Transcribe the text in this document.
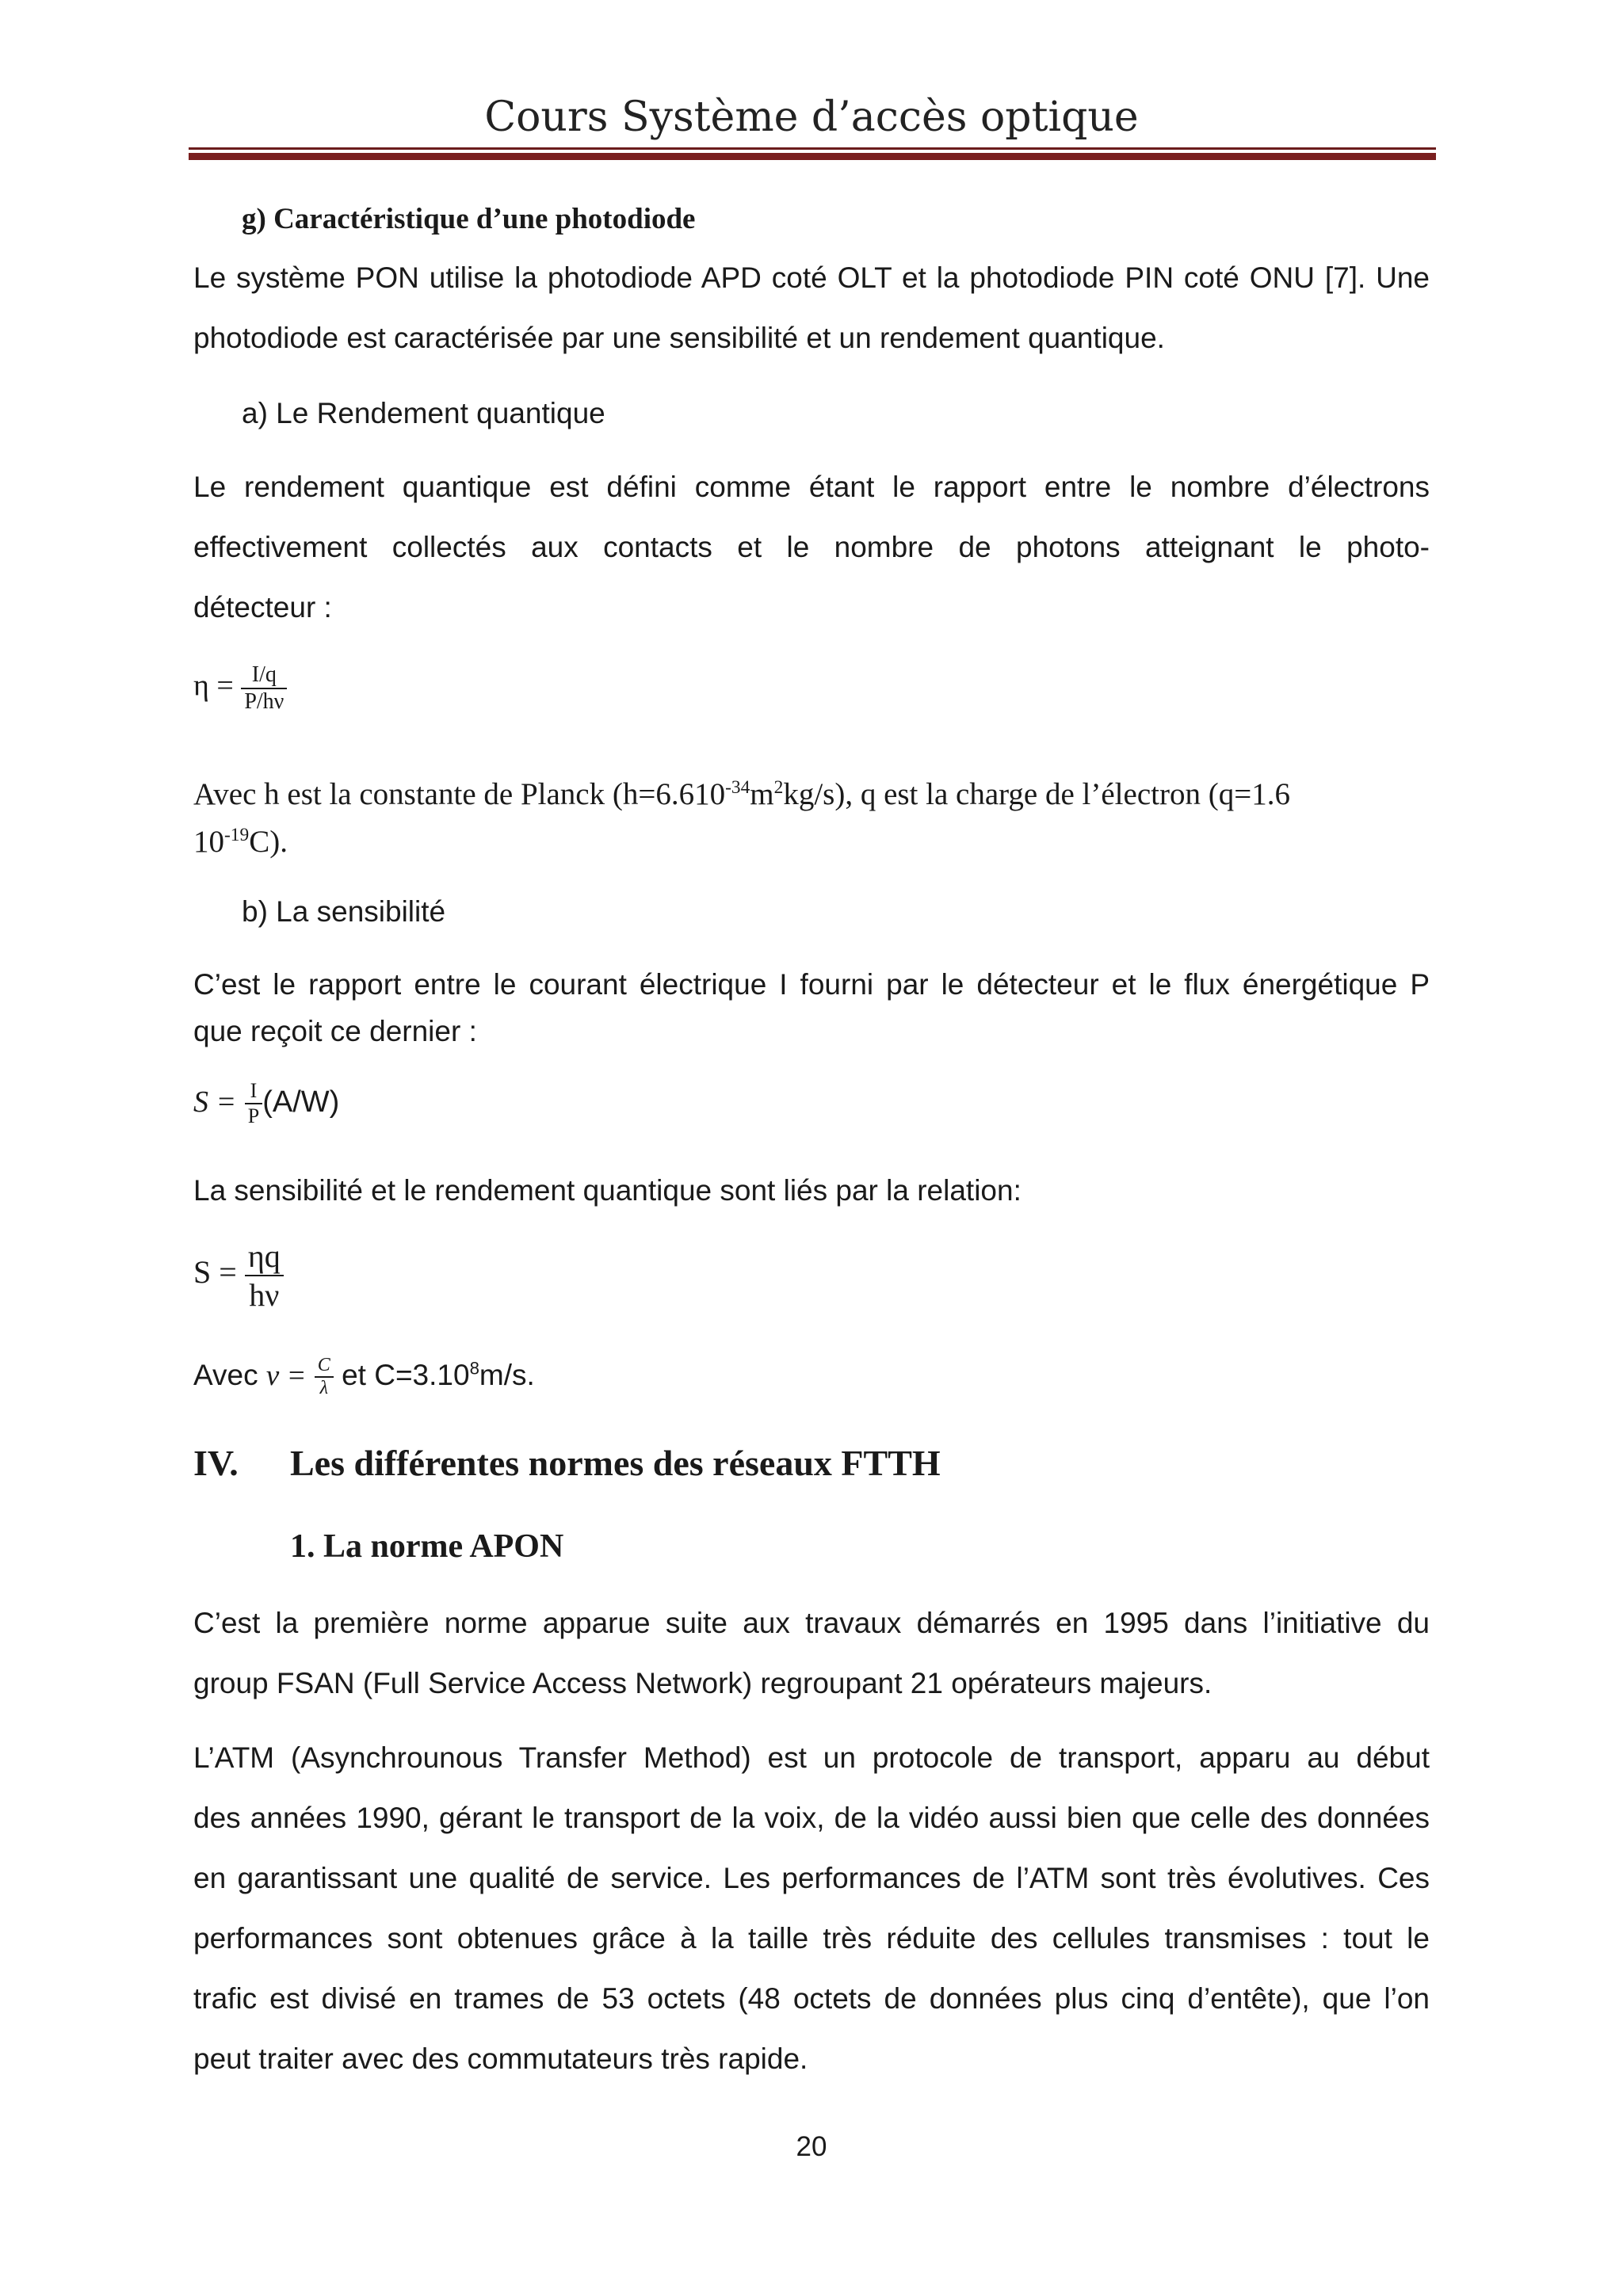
Cours Système d’accès optique
g) Caractéristique d’une photodiode
Le système PON utilise la photodiode APD coté OLT et la photodiode PIN coté ONU [7]. Une
photodiode est caractérisée par une sensibilité et un rendement quantique.
a) Le Rendement quantique
Le rendement quantique est défini comme étant le rapport entre le nombre d’électrons
effectivement collectés aux contacts et le nombre de photons atteignant le photo-
détecteur :
$\eta = \frac{I/q}{P/h\nu}$
Avec h est la constante de Planck $(h=6.610^{-34}m^2kg/s)$, q est la charge de l’électron (q=1.6
$10^{-19}C$).
b) La sensibilité
C’est le rapport entre le courant électrique I fourni par le détecteur et le flux énergétique P
que reçoit ce dernier :
$S = \frac{I}{P} (A/W)$
La sensibilité et le rendement quantique sont liés par la relation:
$S = \frac{\eta q}{h\nu}$
Avec $\nu = \frac{C}{\lambda}$ et $C=3.10^8m/s$.
IV. Les différentes normes des réseaux FTTH
1. La norme APON
C’est la première norme apparue suite aux travaux démarrés en 1995 dans l’initiative du
group FSAN (Full Service Access Network) regroupant 21 opérateurs majeurs.
L’ATM (Asynchrounous Transfer Method) est un protocole de transport, apparu au début
des années 1990, gérant le transport de la voix, de la vidéo aussi bien que celle des données
en garantissant une qualité de service. Les performances de l’ATM sont très évolutives. Ces
performances sont obtenues grâce à la taille très réduite des cellules transmises : tout le
trafic est divisé en trames de 53 octets (48 octets de données plus cinq d’entête), que l’on
peut traiter avec des commutateurs très rapide.
20
